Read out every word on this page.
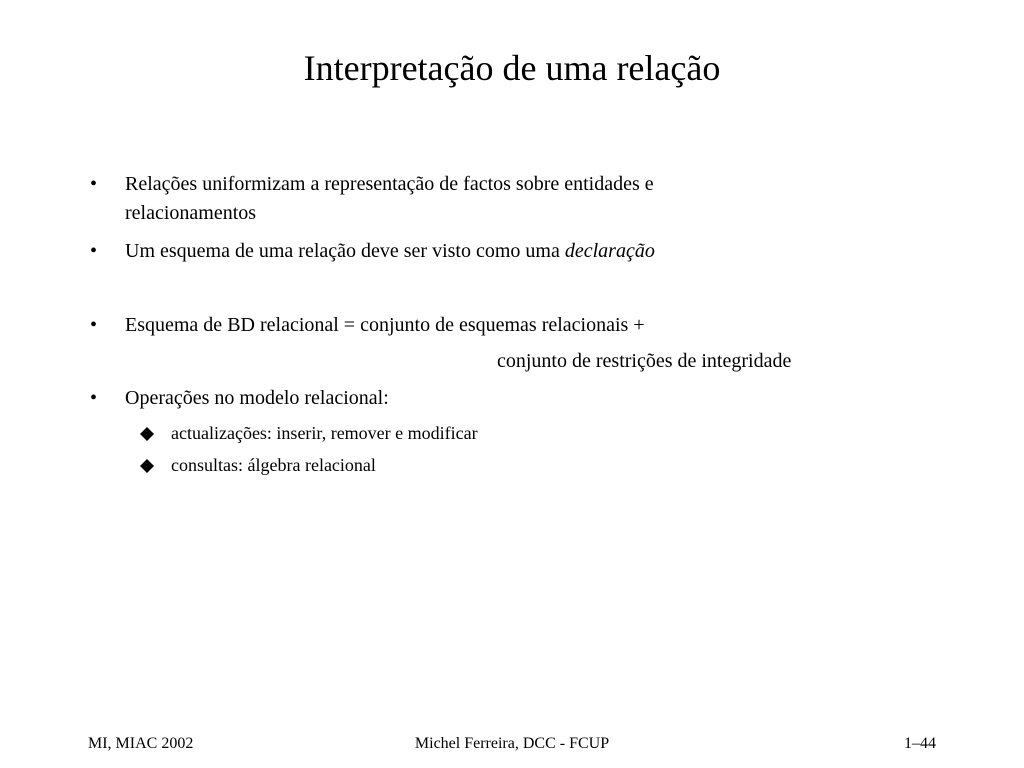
Interpretação de uma relação
• Relações uniformizam a representação de factos sobre entidades e
relacionamentos
• Um esquema de uma relação deve ser visto como uma declaração
• Esquema de BD relacional = conjunto de esquemas relacionais +
conjunto de restrições de integridade
• Operações no modelo relacional:
actualizações: inserir, remover e modificar
consultas: álgebra relacional
MI, MIAC 2002	Michel Ferreira, DCC - FCUP	1–44
